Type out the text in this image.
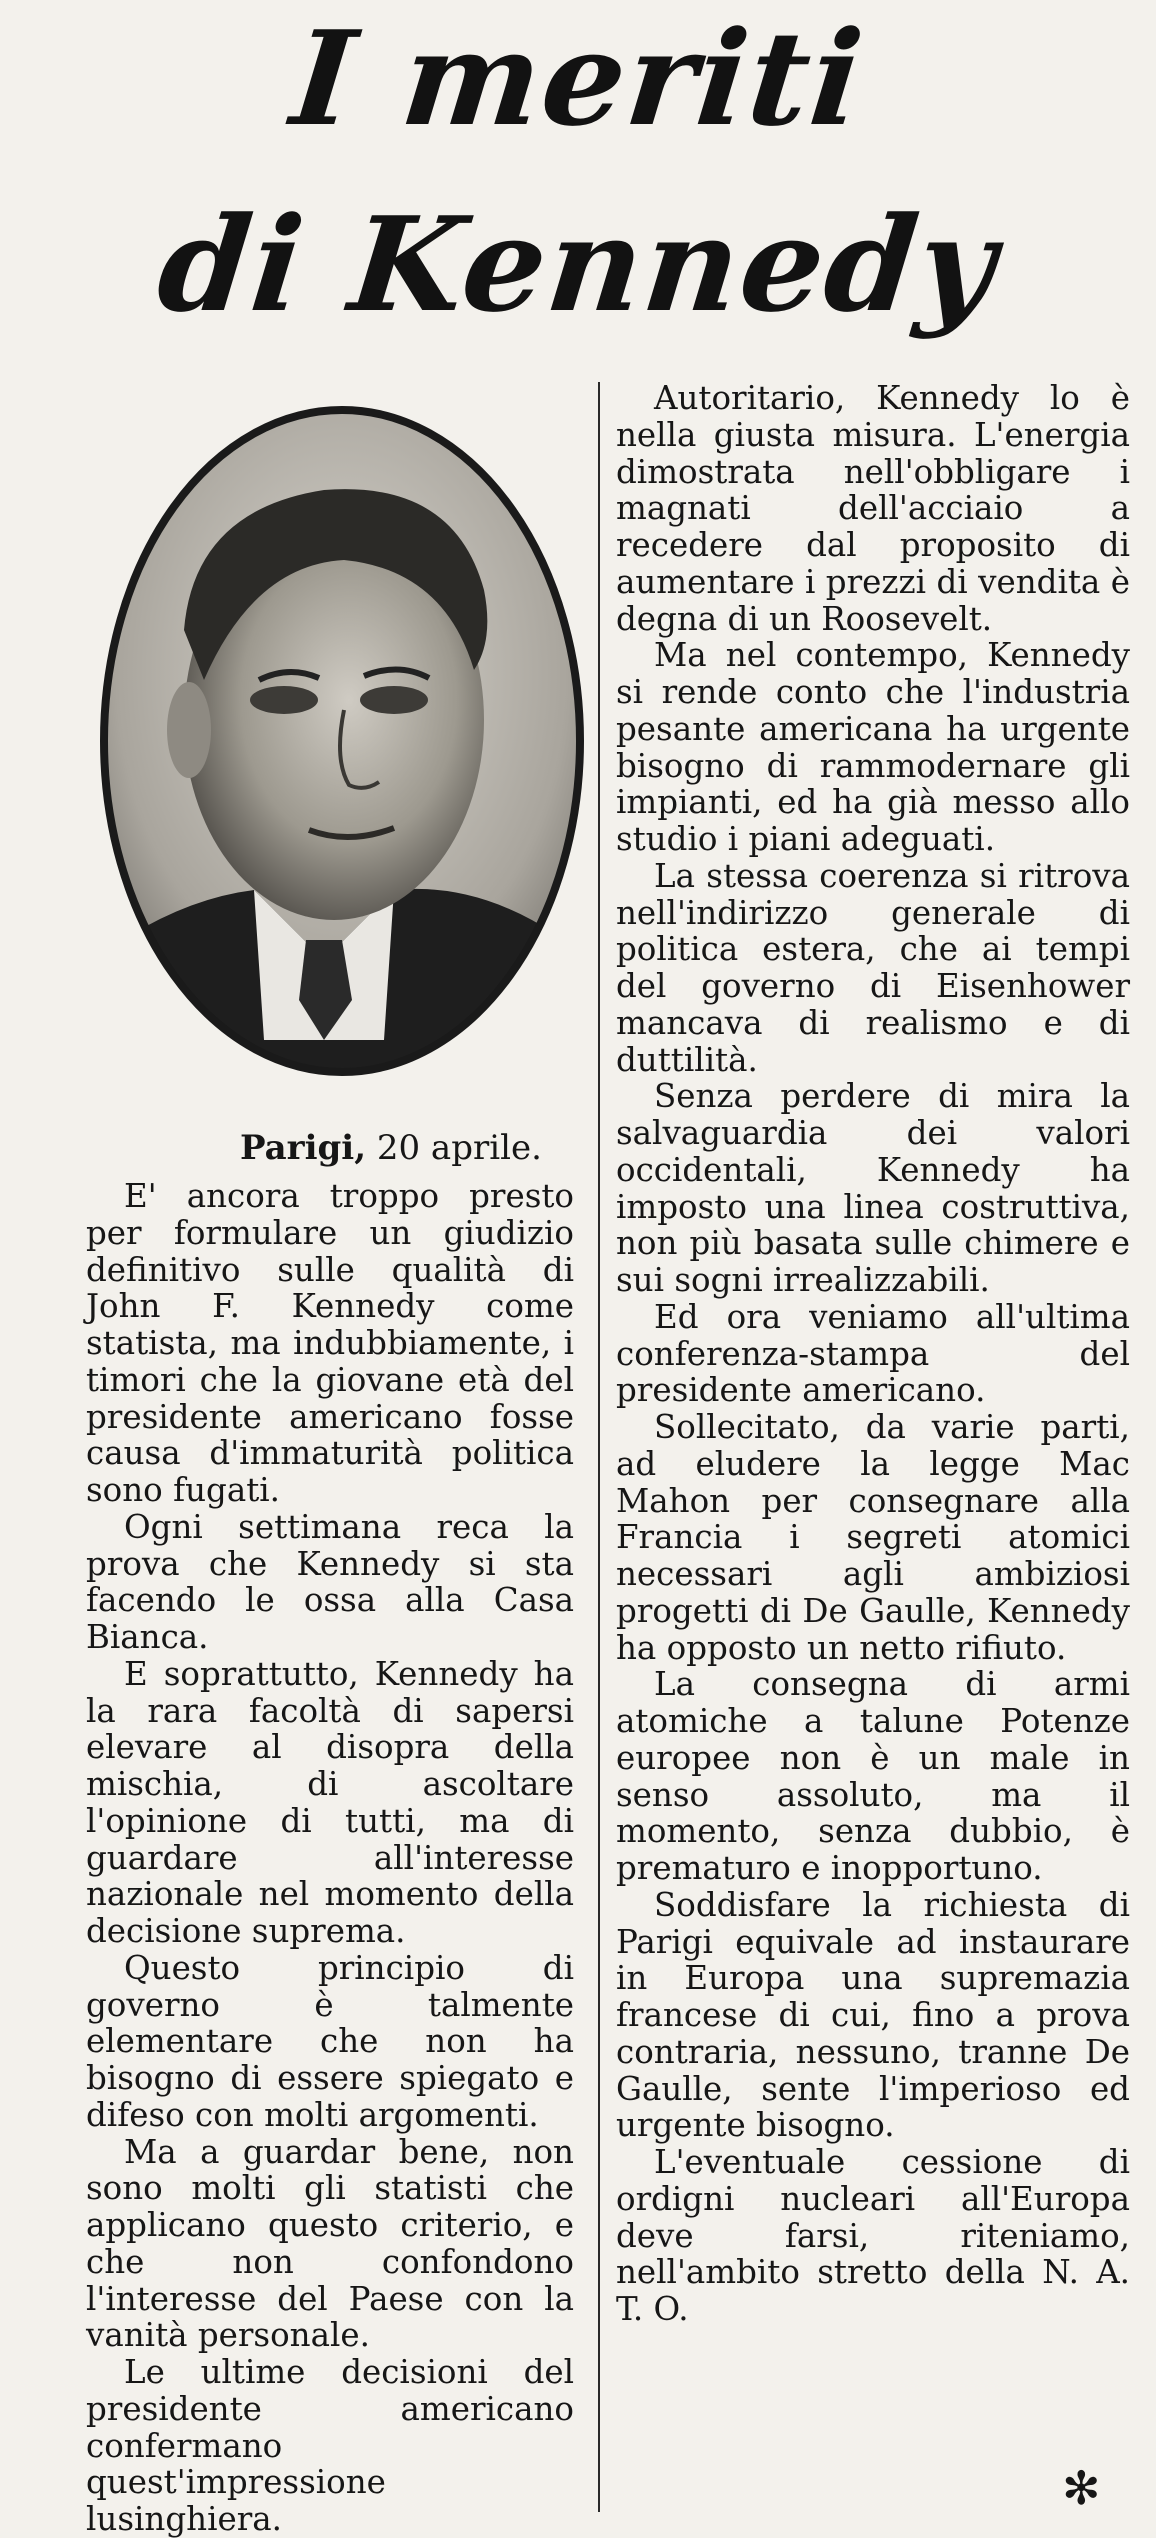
I meriti
di Kennedy
Parigi, 20 aprile.

E' ancora troppo presto per formulare un giudizio definitivo sulle qualità di John F. Kennedy come statista, ma indubbiamente, i timori che la giovane età del presidente americano fosse causa d'immaturità politica sono fugati.

Ogni settimana reca la prova che Kennedy si sta facendo le ossa alla Casa Bianca.

E soprattutto, Kennedy ha la rara facoltà di sapersi elevare al disopra della mischia, di ascoltare l'opinione di tutti, ma di guardare all'interesse nazionale nel momento della decisione suprema.

Questo principio di governo è talmente elementare che non ha bisogno di essere spiegato e difeso con molti argomenti.

Ma a guardar bene, non sono molti gli statisti che applicano questo criterio, e che non confondono l'interesse del Paese con la vanità personale.

Le ultime decisioni del presidente americano confermano quest'impressione lusinghiera.

Autoritario, Kennedy lo è nella giusta misura. L'energia dimostrata nell'obbligare i magnati dell'acciaio a recedere dal proposito di aumentare i prezzi di vendita è degna di un Roosevelt.

Ma nel contempo, Kennedy si rende conto che l'industria pesante americana ha urgente bisogno di rammodernare gli impianti, ed ha già messo allo studio i piani adeguati.

La stessa coerenza si ritrova nell'indirizzo generale di politica estera, che ai tempi del governo di Eisenhower mancava di realismo e di duttilità.

Senza perdere di mira la salvaguardia dei valori occidentali, Kennedy ha imposto una linea costruttiva, non più basata sulle chimere e sui sogni irrealizzabili.

Ed ora veniamo all'ultima conferenza-stampa del presidente americano.

Sollecitato, da varie parti, ad eludere la legge Mac Mahon per consegnare alla Francia i segreti atomici necessari agli ambiziosi progetti di De Gaulle, Kennedy ha opposto un netto rifiuto.

La consegna di armi atomiche a talune Potenze europee non è un male in senso assoluto, ma il momento, senza dubbio, è prematuro e inopportuno.

Soddisfare la richiesta di Parigi equivale ad instaurare in Europa una supremazia francese di cui, fino a prova contraria, nessuno, tranne De Gaulle, sente l'imperioso ed urgente bisogno.

L'eventuale cessione di ordigni nucleari all'Europa deve farsi, riteniamo, nell'ambito stretto della N. A. T. O.

✻
